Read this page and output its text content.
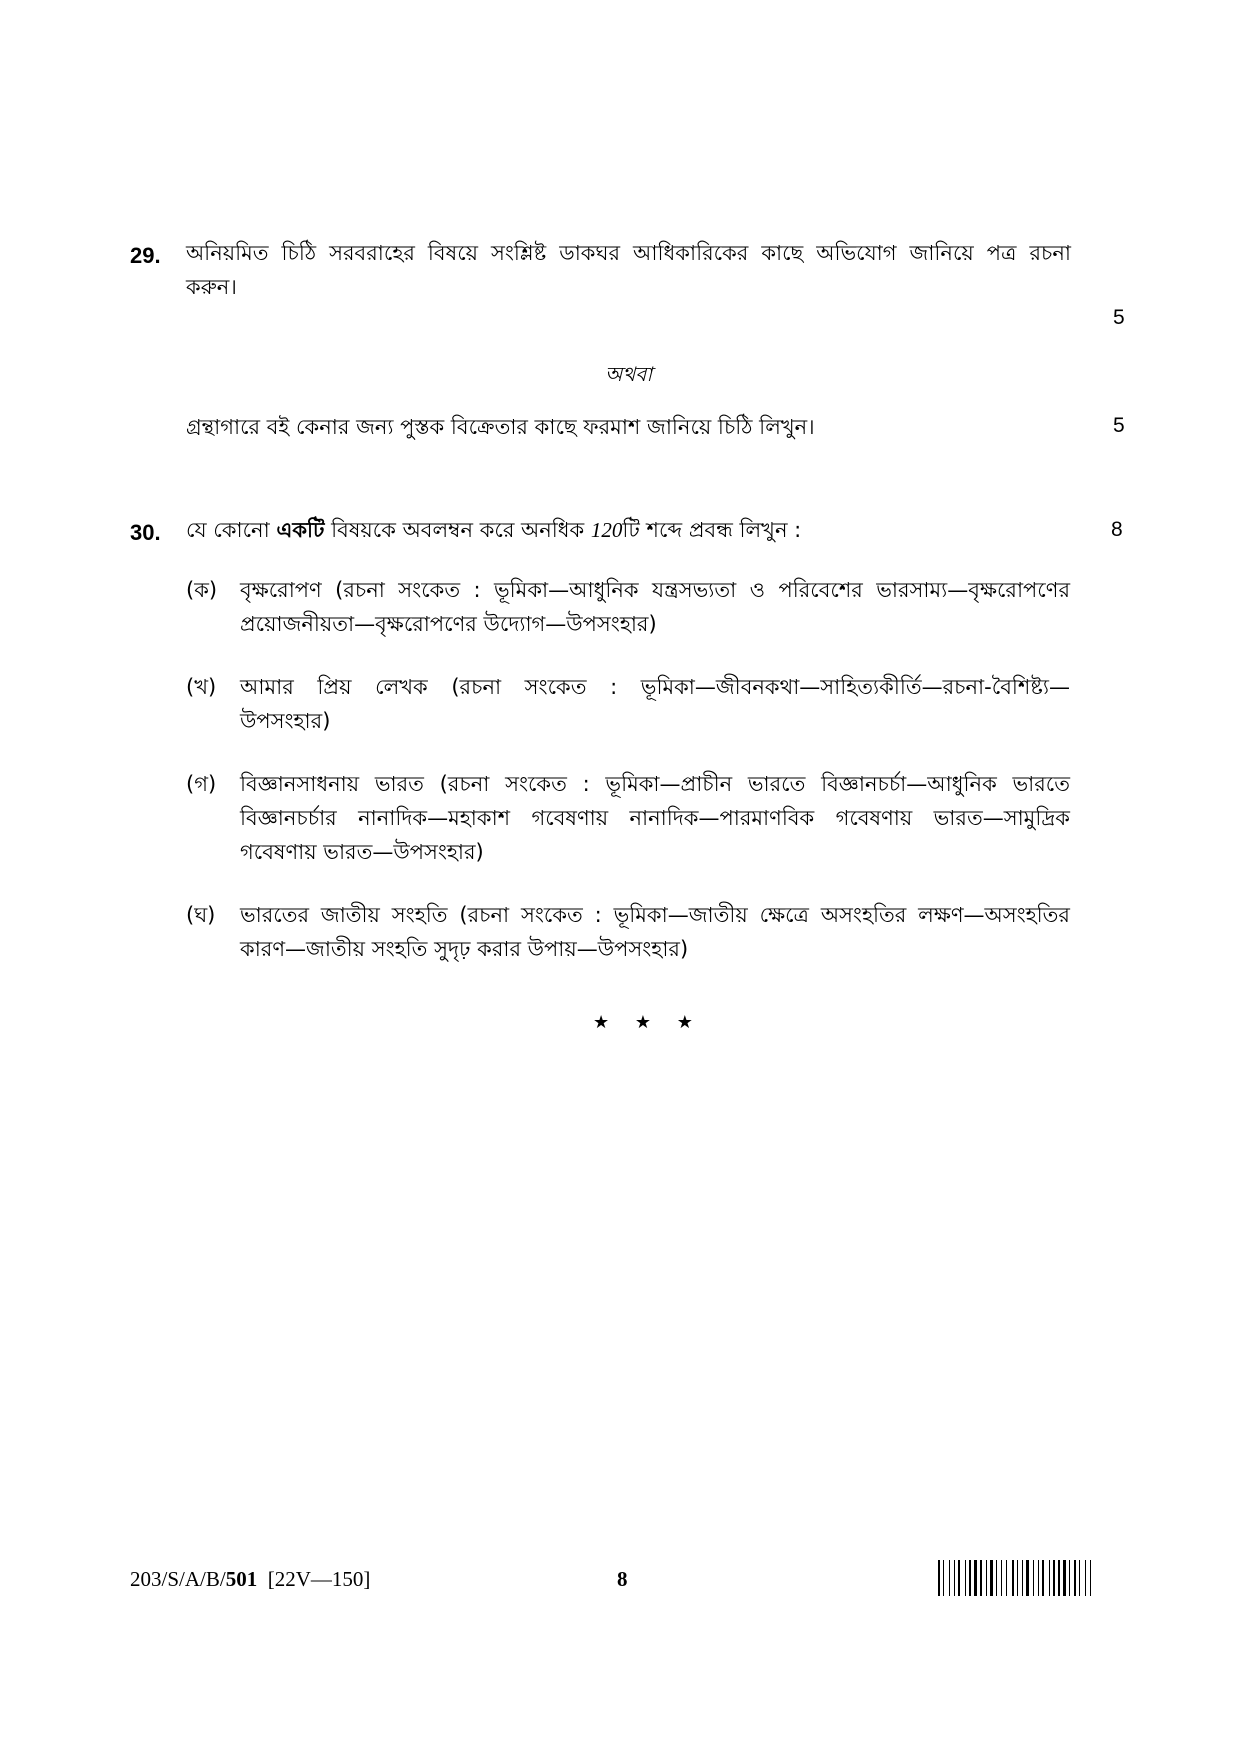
29. অনিয়মিত চিঠি সরবরাহের বিষয়ে সংশ্লিষ্ট ডাকঘর আধিকারিকের কাছে অভিযোগ জানিয়ে পত্র রচনা
করুন।
5
অথবা
গ্রন্থাগারে বই কেনার জন্য পুস্তক বিক্রেতার কাছে ফরমাশ জানিয়ে চিঠি লিখুন।	5
30. যে কোনো একটি বিষয়কে অবলম্বন করে অনধিক 120টি শব্দে প্রবন্ধ লিখুন :	8
(ক) বৃক্ষরোপণ (রচনা সংকেত : ভূমিকা—আধুনিক যন্ত্রসভ্যতা ও পরিবেশের ভারসাম্য—বৃক্ষরোপণের
প্রয়োজনীয়তা—বৃক্ষরোপণের উদ্যোগ—উপসংহার)
(খ) আমার প্রিয় লেখক (রচনা সংকেত : ভূমিকা—জীবনকথা—সাহিত্যকীর্তি—রচনা-বৈশিষ্ট্য—
উপসংহার)
(গ) বিজ্ঞানসাধনায় ভারত (রচনা সংকেত : ভূমিকা—প্রাচীন ভারতে বিজ্ঞানচর্চা—আধুনিক ভারতে
বিজ্ঞানচর্চার নানাদিক—মহাকাশ গবেষণায় নানাদিক—পারমাণবিক গবেষণায় ভারত—সামুদ্রিক
গবেষণায় ভারত—উপসংহার)
(ঘ) ভারতের জাতীয় সংহতি (রচনা সংকেত : ভূমিকা—জাতীয় ক্ষেত্রে অসংহতির লক্ষণ—অসংহতির
কারণ—জাতীয় সংহতি সুদৃঢ় করার উপায়—উপসংহার)
★ ★ ★
203/S/A/B/501 [22V—150]	8
